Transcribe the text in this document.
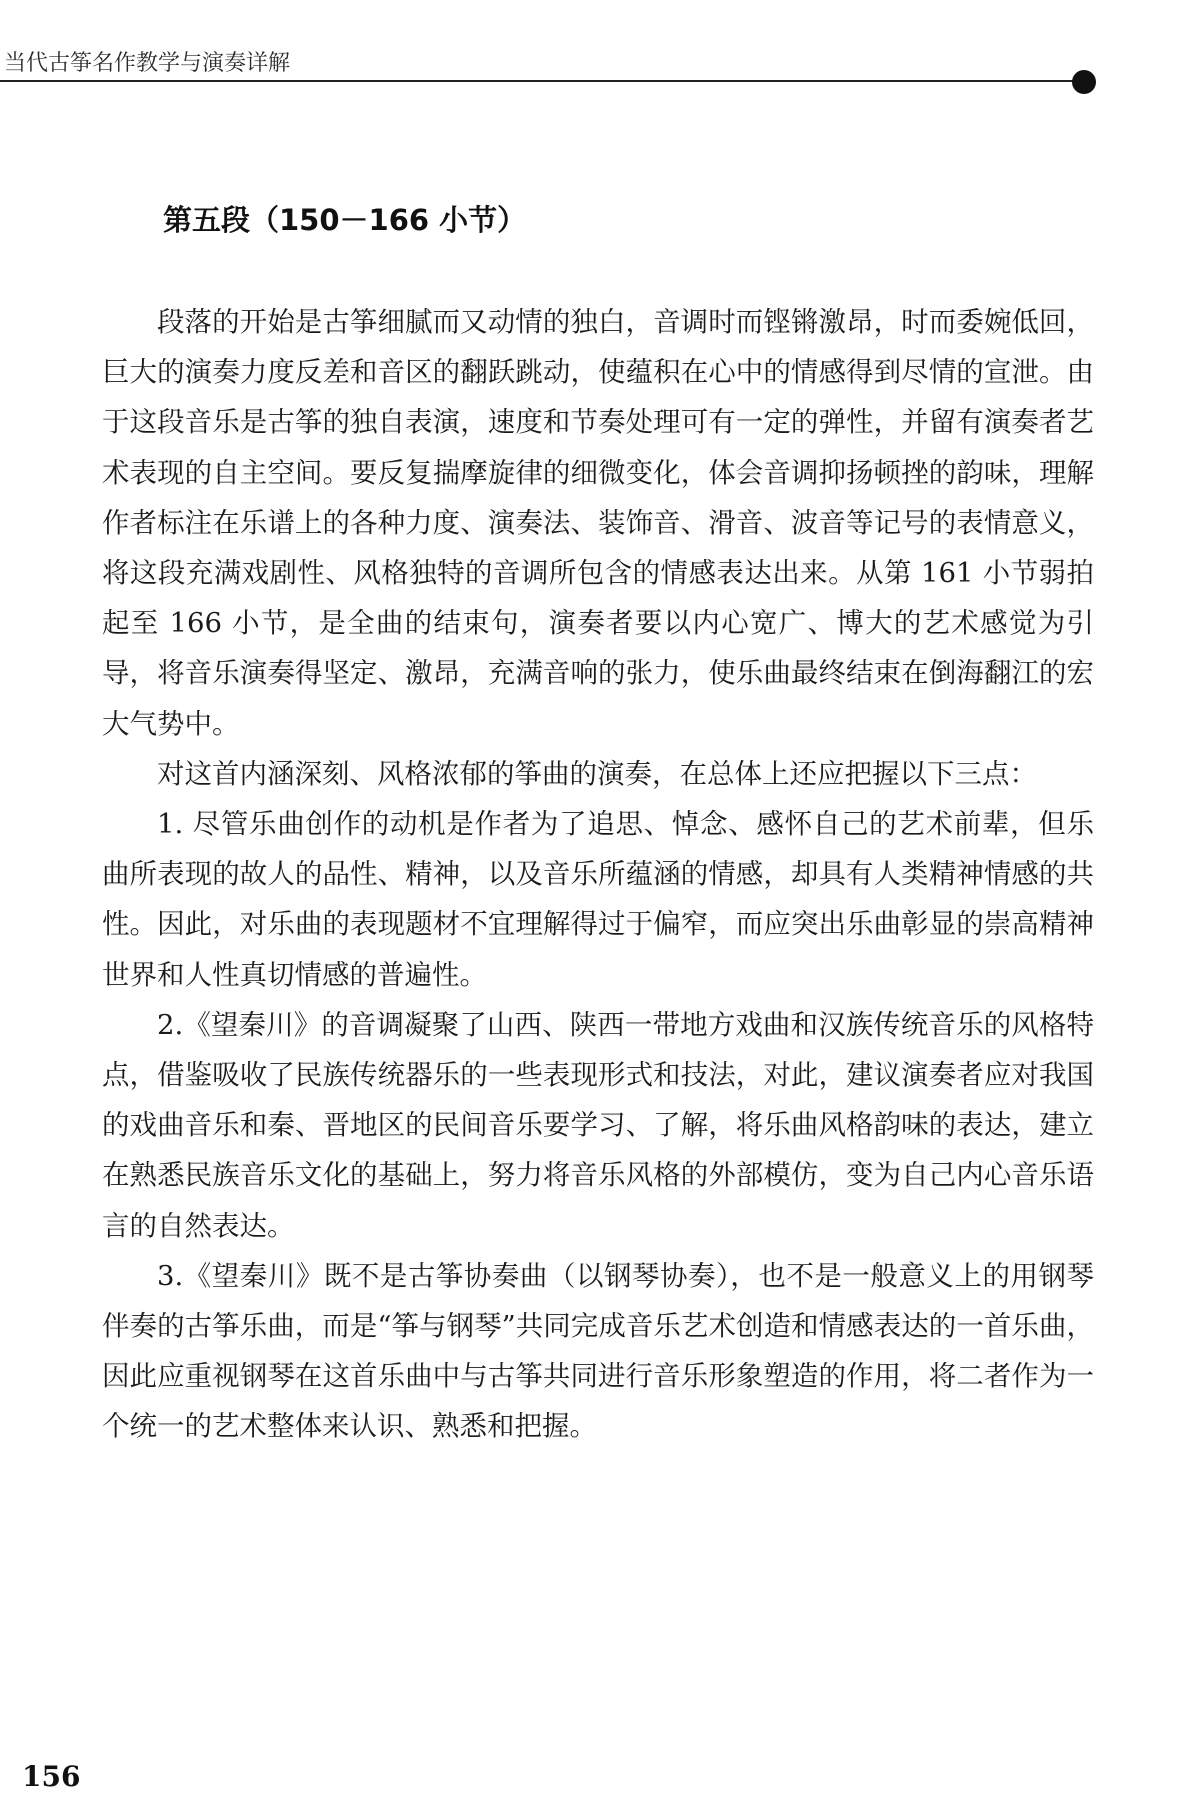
当代古筝名作教学与演奏详解
第五段（150－166 小节）

段落的开始是古筝细腻而又动情的独白，音调时而铿锵激昂，时而委婉低回，巨大的演奏力度反差和音区的翻跃跳动，使蕴积在心中的情感得到尽情的宣泄。由于这段音乐是古筝的独自表演，速度和节奏处理可有一定的弹性，并留有演奏者艺术表现的自主空间。要反复揣摩旋律的细微变化，体会音调抑扬顿挫的韵味，理解作者标注在乐谱上的各种力度、演奏法、装饰音、滑音、波音等记号的表情意义，将这段充满戏剧性、风格独特的音调所包含的情感表达出来。从第 161 小节弱拍起至 166 小节，是全曲的结束句，演奏者要以内心宽广、博大的艺术感觉为引导，将音乐演奏得坚定、激昂，充满音响的张力，使乐曲最终结束在倒海翻江的宏大气势中。

对这首内涵深刻、风格浓郁的筝曲的演奏，在总体上还应把握以下三点：

1. 尽管乐曲创作的动机是作者为了追思、悼念、感怀自己的艺术前辈，但乐曲所表现的故人的品性、精神，以及音乐所蕴涵的情感，却具有人类精神情感的共性。因此，对乐曲的表现题材不宜理解得过于偏窄，而应突出乐曲彰显的崇高精神世界和人性真切情感的普遍性。

2.《望秦川》的音调凝聚了山西、陕西一带地方戏曲和汉族传统音乐的风格特点，借鉴吸收了民族传统器乐的一些表现形式和技法，对此，建议演奏者应对我国的戏曲音乐和秦、晋地区的民间音乐要学习、了解，将乐曲风格韵味的表达，建立在熟悉民族音乐文化的基础上，努力将音乐风格的外部模仿，变为自己内心音乐语言的自然表达。

3.《望秦川》既不是古筝协奏曲（以钢琴协奏），也不是一般意义上的用钢琴伴奏的古筝乐曲，而是“筝与钢琴”共同完成音乐艺术创造和情感表达的一首乐曲，因此应重视钢琴在这首乐曲中与古筝共同进行音乐形象塑造的作用，将二者作为一个统一的艺术整体来认识、熟悉和把握。

156
